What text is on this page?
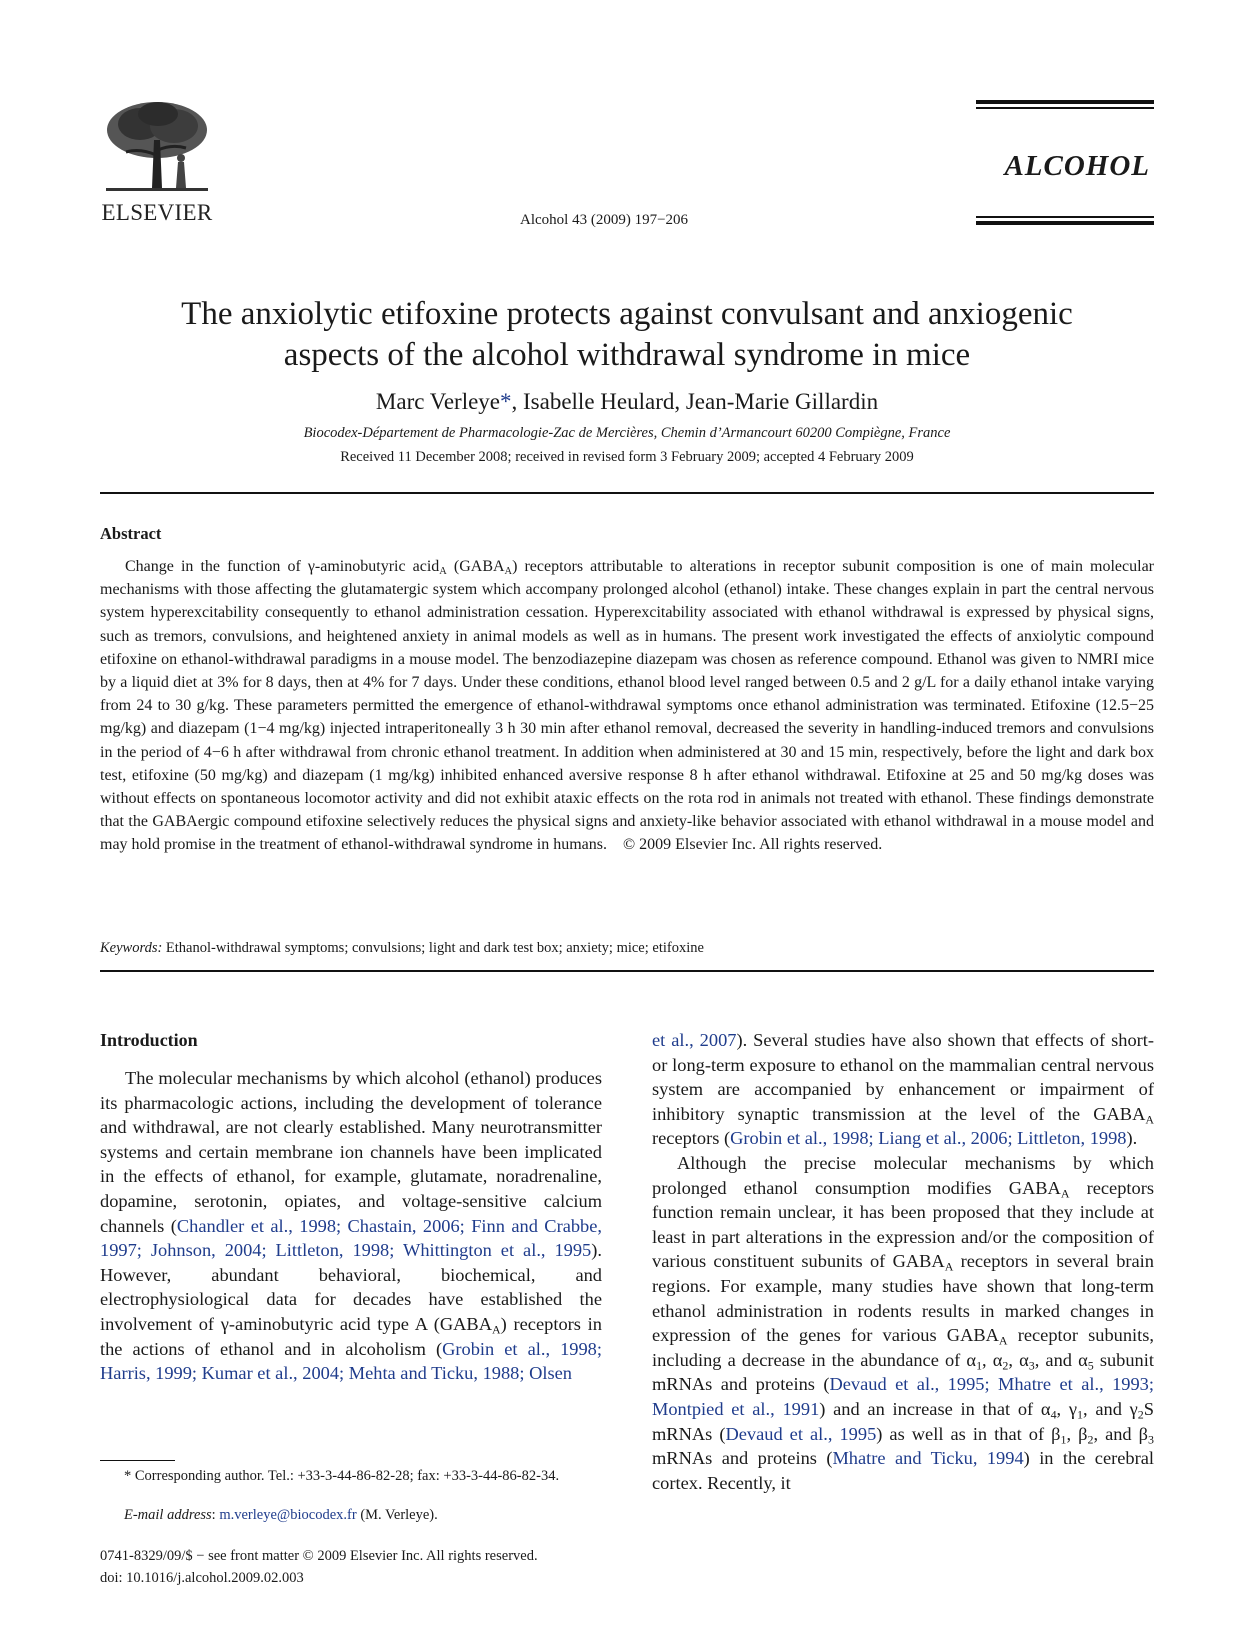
ELSEVIER	Alcohol 43 (2009) 197−206
ALCOHOL
The anxiolytic etifoxine protects against convulsant and anxiogenic
aspects of the alcohol withdrawal syndrome in mice
Marc Verleye*, Isabelle Heulard, Jean-Marie Gillardin
Biocodex-Département de Pharmacologie-Zac de Mercières, Chemin d’Armancourt 60200 Compiègne, France
Received 11 December 2008; received in revised form 3 February 2009; accepted 4 February 2009
Abstract
Change in the function of γ-aminobutyric acid$_A$ $(GABA_A)$ receptors attributable to alterations in receptor subunit composition is one of main molecular mechanisms with those affecting the glutamatergic system which accompany prolonged alcohol (ethanol) intake. These changes explain in part the central nervous system hyperexcitability consequently to ethanol administration cessation. Hyperexcitability associated with ethanol withdrawal is expressed by physical signs, such as tremors, convulsions, and heightened anxiety in animal models as well as in humans. The present work investigated the effects of anxiolytic compound etifoxine on ethanol-withdrawal paradigms in a mouse model. The benzodiazepine diazepam was chosen as reference compound. Ethanol was given to NMRI mice by a liquid diet at 3% for 8 days, then at 4% for 7 days. Under these conditions, ethanol blood level ranged between 0.5 and 2 g/L for a daily ethanol intake varying from 24 to 30 g/kg. These parameters permitted the emergence of ethanol-withdrawal symptoms once ethanol administration was terminated. Etifoxine (12.5−25 mg/kg) and diazepam (1−4 mg/kg) injected intraperitoneally 3 h 30 min after ethanol removal, decreased the severity in handling-induced tremors and convulsions in the period of 4−6 h after withdrawal from chronic ethanol treatment. In addition when administered at 30 and 15 min, respectively, before the light and dark box test, etifoxine (50 mg/kg) and diazepam (1 mg/kg) inhibited enhanced aversive response 8 h after ethanol withdrawal. Etifoxine at 25 and 50 mg/kg doses was without effects on spontaneous locomotor activity and did not exhibit ataxic effects on the rota rod in animals not treated with ethanol. These findings demonstrate that the GABAergic compound etifoxine selectively reduces the physical signs and anxiety-like behavior associated with ethanol withdrawal in a mouse model and may hold promise in the treatment of ethanol-withdrawal syndrome in humans. © 2009 Elsevier Inc. All rights reserved.
Keywords: Ethanol-withdrawal symptoms; convulsions; light and dark test box; anxiety; mice; etifoxine
Introduction

The molecular mechanisms by which alcohol (ethanol) produces its pharmacologic actions, including the development of tolerance and withdrawal, are not clearly established. Many neurotransmitter systems and certain membrane ion channels have been implicated in the effects of ethanol, for example, glutamate, noradrenaline, dopamine, serotonin, opiates, and voltage-sensitive calcium channels (Chandler et al., 1998; Chastain, 2006; Finn and Crabbe, 1997; Johnson, 2004; Littleton, 1998; Whittington et al., 1995). However, abundant behavioral, biochemical, and electrophysiological data for decades have established the involvement of γ-aminobutyric acid type A $(GABA_A)$ receptors in the actions of ethanol and in alcoholism (Grobin et al., 1998; Harris, 1999; Kumar et al., 2004; Mehta and Ticku, 1988; Olsen

et al., 2007). Several studies have also shown that effects of short- or long-term exposure to ethanol on the mammalian central nervous system are accompanied by enhancement or impairment of inhibitory synaptic transmission at the level of the $GABA_A$ receptors (Grobin et al., 1998; Liang et al., 2006; Littleton, 1998).

Although the precise molecular mechanisms by which prolonged ethanol consumption modifies $GABA_A$ receptors function remain unclear, it has been proposed that they include at least in part alterations in the expression and/or the composition of various constituent subunits of $GABA_A$ receptors in several brain regions. For example, many studies have shown that long-term ethanol administration in rodents results in marked changes in expression of the genes for various $GABA_A$ receptor subunits, including a decrease in the abundance of $\alpha_1$, $\alpha_2$, $\alpha_3$, and $\alpha_5$ subunit mRNAs and proteins (Devaud et al., 1995; Mhatre et al., 1993; Montpied et al., 1991) and an increase in that of $\alpha_4$, $\gamma_1$, and $\gamma_2S$ mRNAs (Devaud et al., 1995) as well as in that of $\beta_1$, $\beta_2$, and $\beta_3$ mRNAs and proteins (Mhatre and Ticku, 1994) in the cerebral cortex. Recently, it

* Corresponding author. Tel.: +33-3-44-86-82-28; fax: +33-3-44-86-82-34.
E-mail address: m.verleye@biocodex.fr (M. Verleye).
0741-8329/09/$ − see front matter © 2009 Elsevier Inc. All rights reserved.
doi: 10.1016/j.alcohol.2009.02.003
